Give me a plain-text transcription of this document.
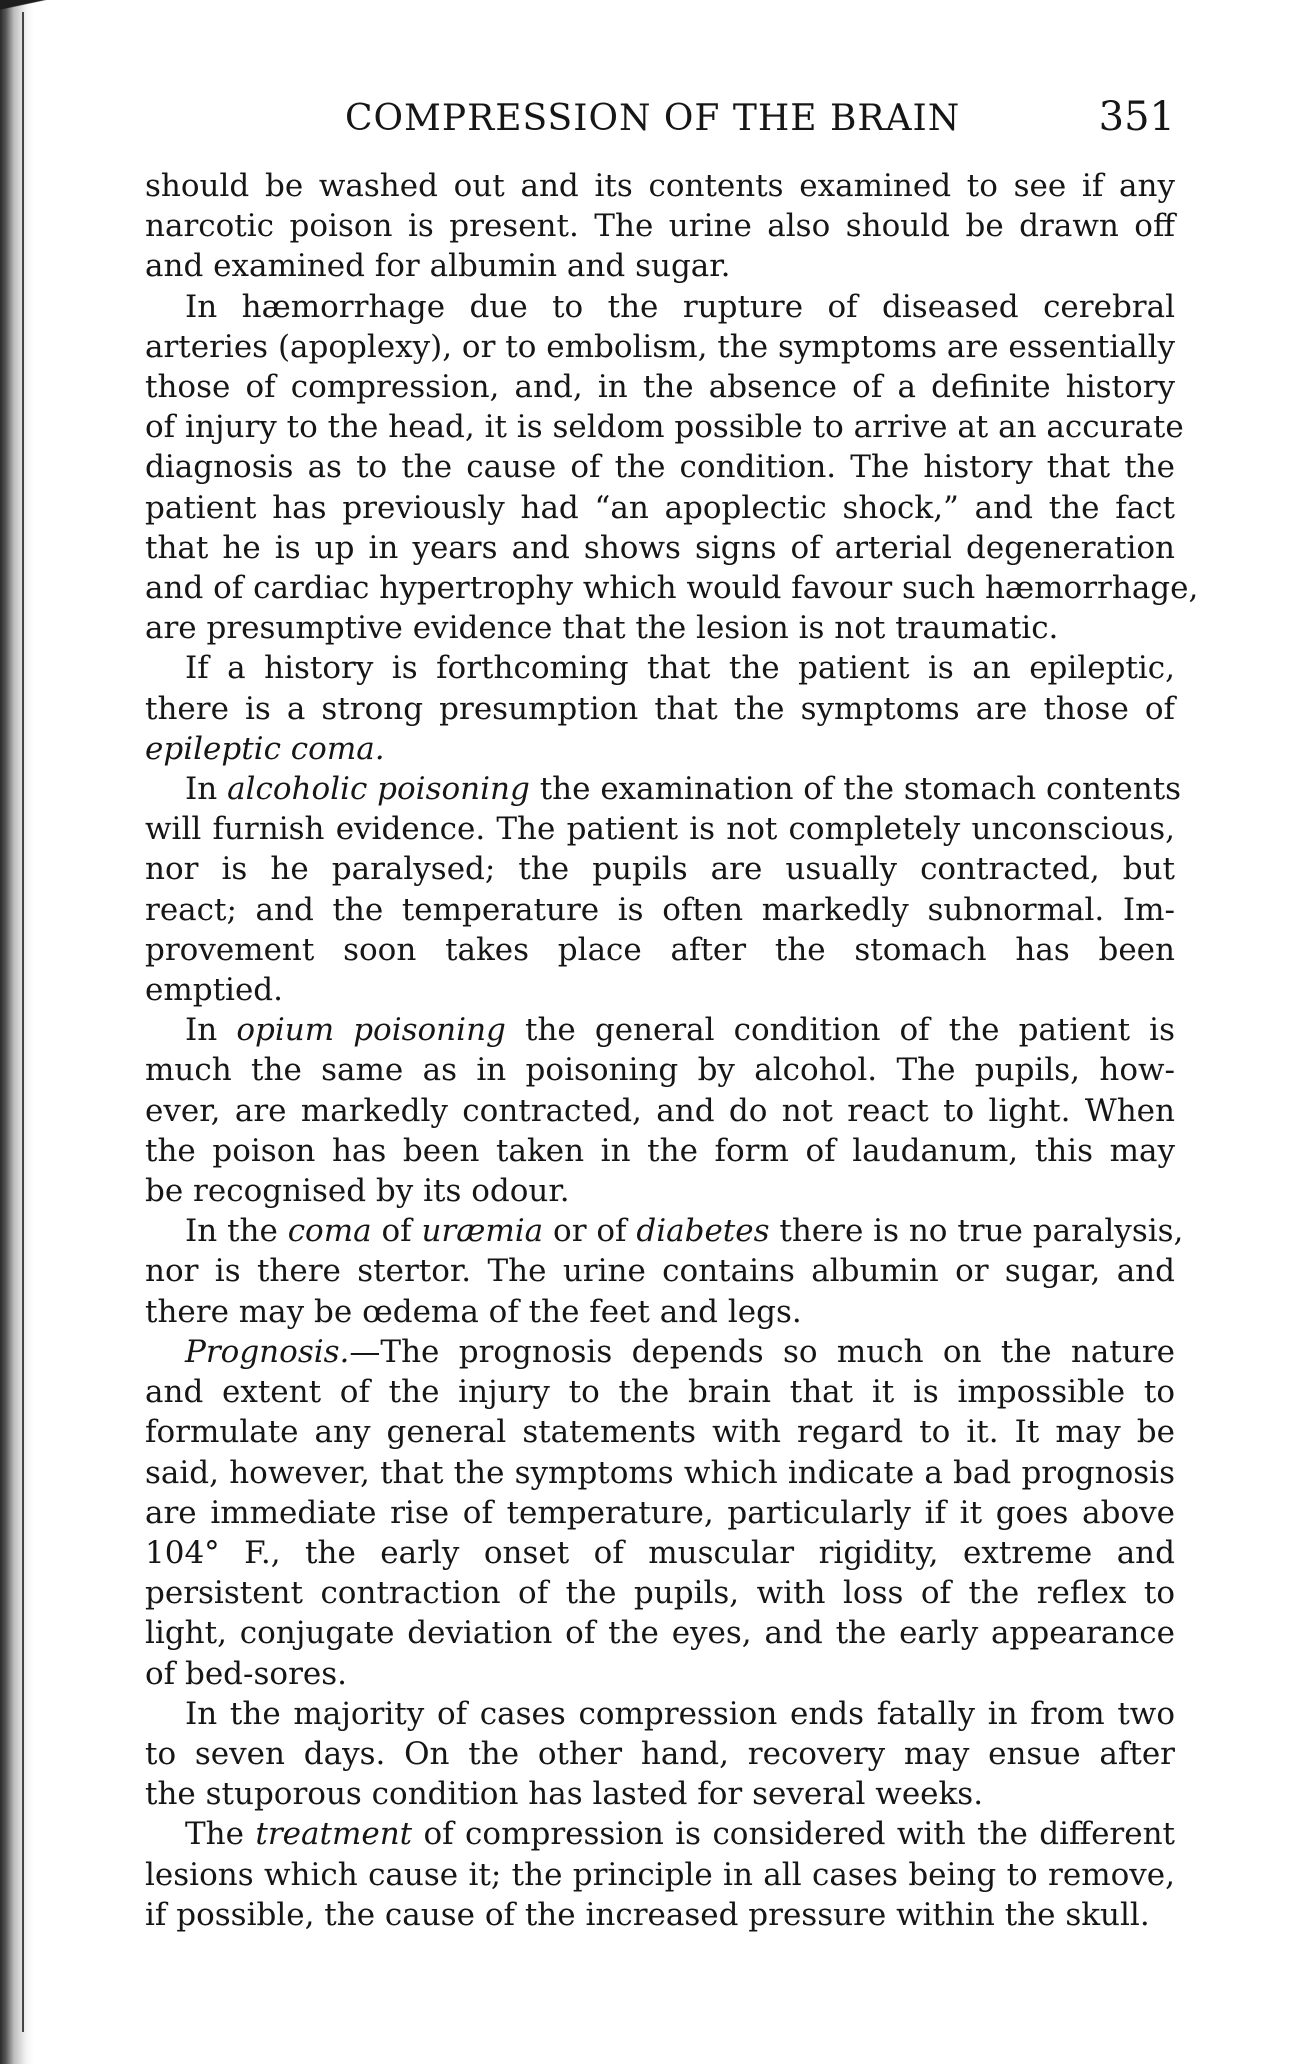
COMPRESSION OF THE BRAIN	351
should be washed out and its contents examined to see if any
narcotic poison is present. The urine also should be drawn off
and examined for albumin and sugar.
In hæmorrhage due to the rupture of diseased cerebral
arteries (apoplexy), or to embolism, the symptoms are essentially
those of compression, and, in the absence of a definite history
of injury to the head, it is seldom possible to arrive at an accurate
diagnosis as to the cause of the condition. The history that the
patient has previously had “an apoplectic shock,” and the fact
that he is up in years and shows signs of arterial degeneration
and of cardiac hypertrophy which would favour such hæmorrhage,
are presumptive evidence that the lesion is not traumatic.
If a history is forthcoming that the patient is an epileptic,
there is a strong presumption that the symptoms are those of
epileptic coma.
In alcoholic poisoning the examination of the stomach contents
will furnish evidence. The patient is not completely unconscious,
nor is he paralysed; the pupils are usually contracted, but
react; and the temperature is often markedly subnormal. Im-
provement soon takes place after the stomach has been
emptied.
In opium poisoning the general condition of the patient is
much the same as in poisoning by alcohol. The pupils, how-
ever, are markedly contracted, and do not react to light. When
the poison has been taken in the form of laudanum, this may
be recognised by its odour.
In the coma of uræmia or of diabetes there is no true paralysis,
nor is there stertor. The urine contains albumin or sugar, and
there may be œdema of the feet and legs.
Prognosis.—The prognosis depends so much on the nature
and extent of the injury to the brain that it is impossible to
formulate any general statements with regard to it. It may be
said, however, that the symptoms which indicate a bad prognosis
are immediate rise of temperature, particularly if it goes above
104° F., the early onset of muscular rigidity, extreme and
persistent contraction of the pupils, with loss of the reflex to
light, conjugate deviation of the eyes, and the early appearance
of bed-sores.
In the majority of cases compression ends fatally in from two
to seven days. On the other hand, recovery may ensue after
the stuporous condition has lasted for several weeks.
The treatment of compression is considered with the different
lesions which cause it; the principle in all cases being to remove,
if possible, the cause of the increased pressure within the skull.
